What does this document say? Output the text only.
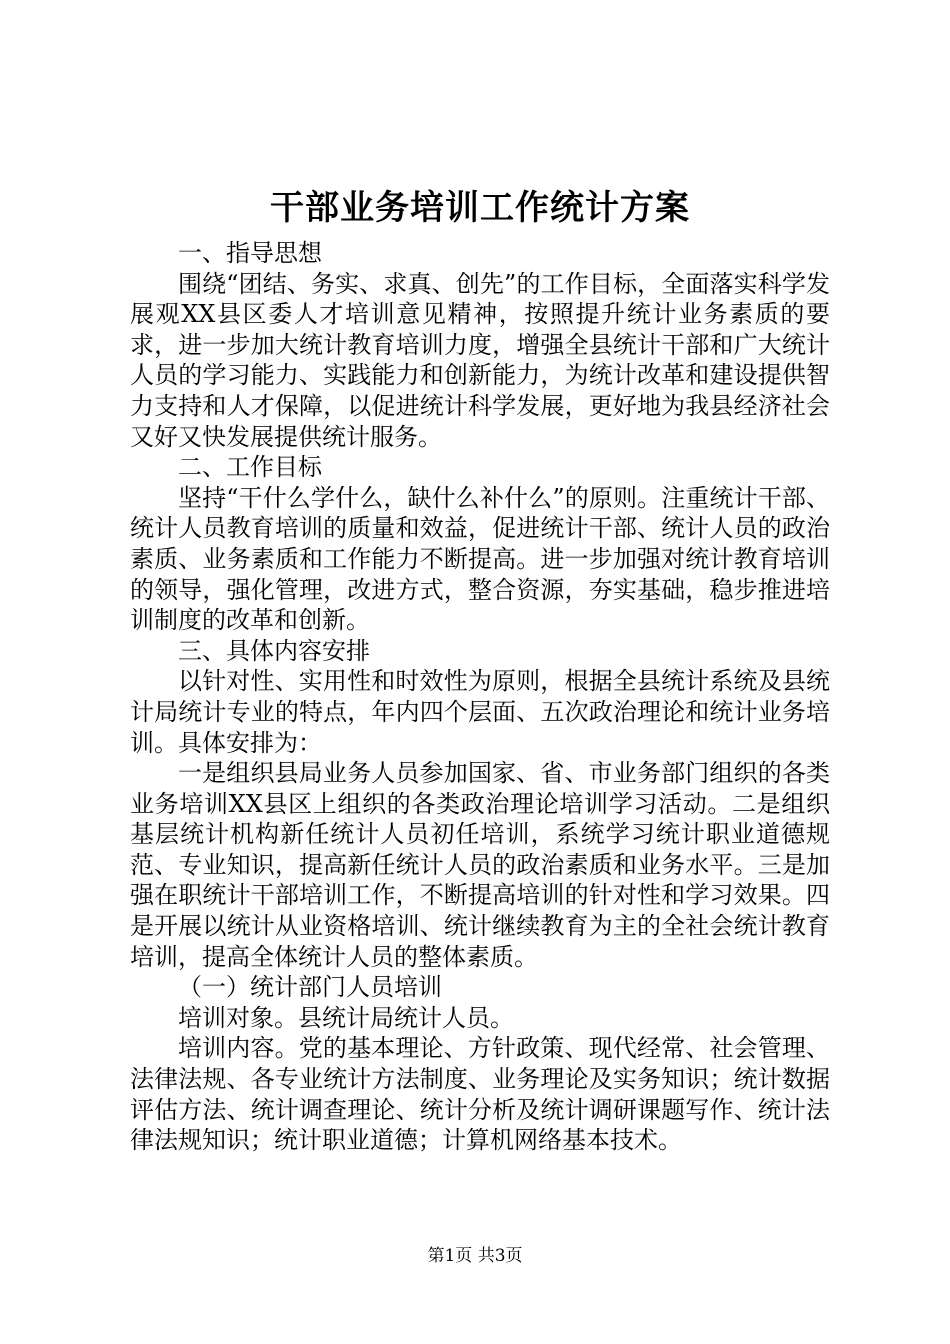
干部业务培训工作统计方案

一、指导思想

围绕“团结、务实、求真、创先”的工作目标，全面落实科学发展观XX县区委人才培训意见精神，按照提升统计业务素质的要求，进一步加大统计教育培训力度，增强全县统计干部和广大统计人员的学习能力、实践能力和创新能力，为统计改革和建设提供智力支持和人才保障，以促进统计科学发展，更好地为我县经济社会又好又快发展提供统计服务。

二、工作目标

坚持“干什么学什么，缺什么补什么”的原则。注重统计干部、统计人员教育培训的质量和效益，促进统计干部、统计人员的政治素质、业务素质和工作能力不断提高。进一步加强对统计教育培训的领导，强化管理，改进方式，整合资源，夯实基础，稳步推进培训制度的改革和创新。

三、具体内容安排

以针对性、实用性和时效性为原则，根据全县统计系统及县统计局统计专业的特点，年内四个层面、五次政治理论和统计业务培训。具体安排为：

一是组织县局业务人员参加国家、省、市业务部门组织的各类业务培训XX县区上组织的各类政治理论培训学习活动。二是组织基层统计机构新任统计人员初任培训，系统学习统计职业道德规范、专业知识，提高新任统计人员的政治素质和业务水平。三是加强在职统计干部培训工作，不断提高培训的针对性和学习效果。四是开展以统计从业资格培训、统计继续教育为主的全社会统计教育培训，提高全体统计人员的整体素质。

（一）统计部门人员培训

培训对象。县统计局统计人员。

培训内容。党的基本理论、方针政策、现代经常、社会管理、法律法规、各专业统计方法制度、业务理论及实务知识；统计数据评估方法、统计调查理论、统计分析及统计调研课题写作、统计法律法规知识；统计职业道德；计算机网络基本技术。

第1页 共3页
